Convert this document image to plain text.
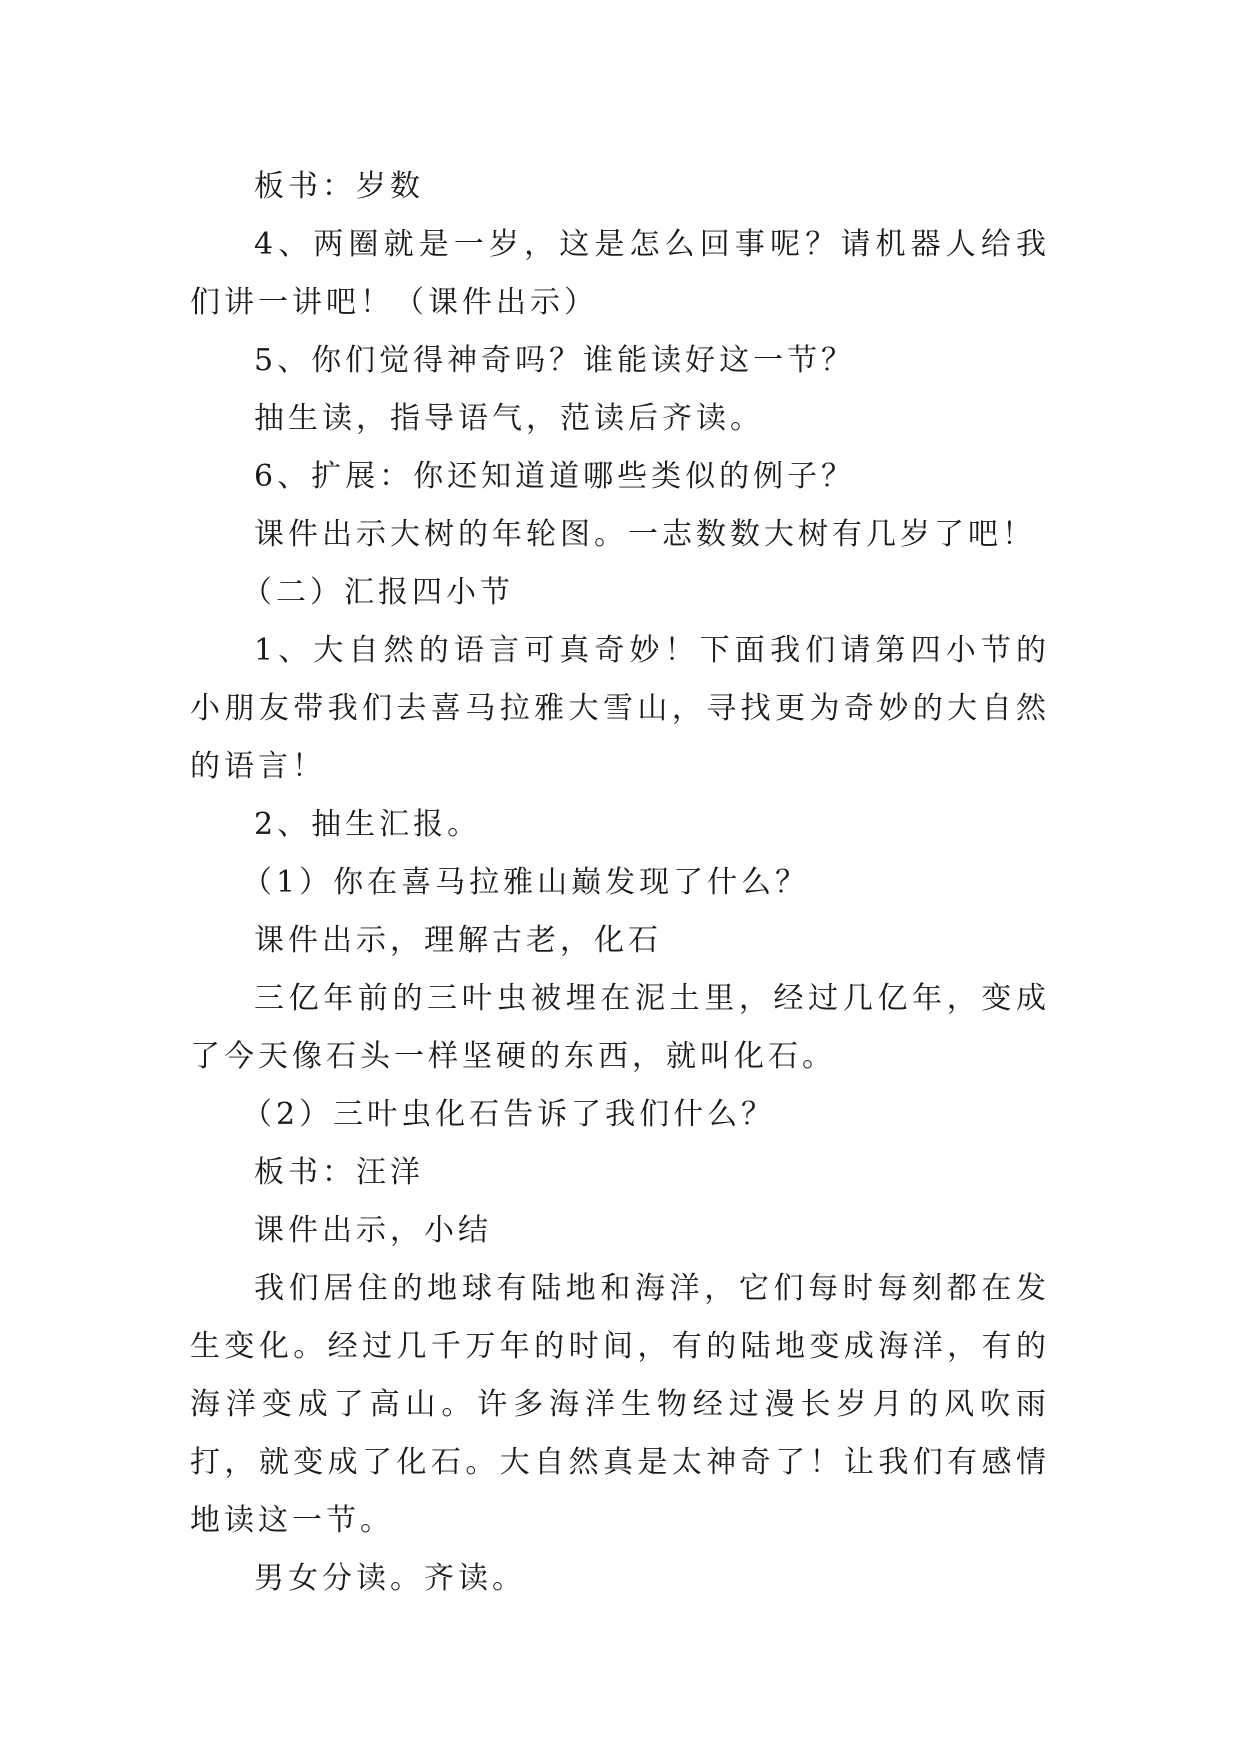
板书：岁数

4、两圈就是一岁，这是怎么回事呢？请机器人给我们讲一讲吧！（课件出示）

5、你们觉得神奇吗？谁能读好这一节？

抽生读，指导语气，范读后齐读。

6、扩展：你还知道道哪些类似的例子？

课件出示大树的年轮图。一志数数大树有几岁了吧！

（二）汇报四小节

1、大自然的语言可真奇妙！下面我们请第四小节的小朋友带我们去喜马拉雅大雪山，寻找更为奇妙的大自然的语言！

2、抽生汇报。

（1）你在喜马拉雅山巅发现了什么？

课件出示，理解古老，化石

三亿年前的三叶虫被埋在泥土里，经过几亿年，变成了今天像石头一样坚硬的东西，就叫化石。

（2）三叶虫化石告诉了我们什么？

板书：汪洋

课件出示，小结

我们居住的地球有陆地和海洋，它们每时每刻都在发生变化。经过几千万年的时间，有的陆地变成海洋，有的海洋变成了高山。许多海洋生物经过漫长岁月的风吹雨打，就变成了化石。大自然真是太神奇了！让我们有感情地读这一节。

男女分读。齐读。
